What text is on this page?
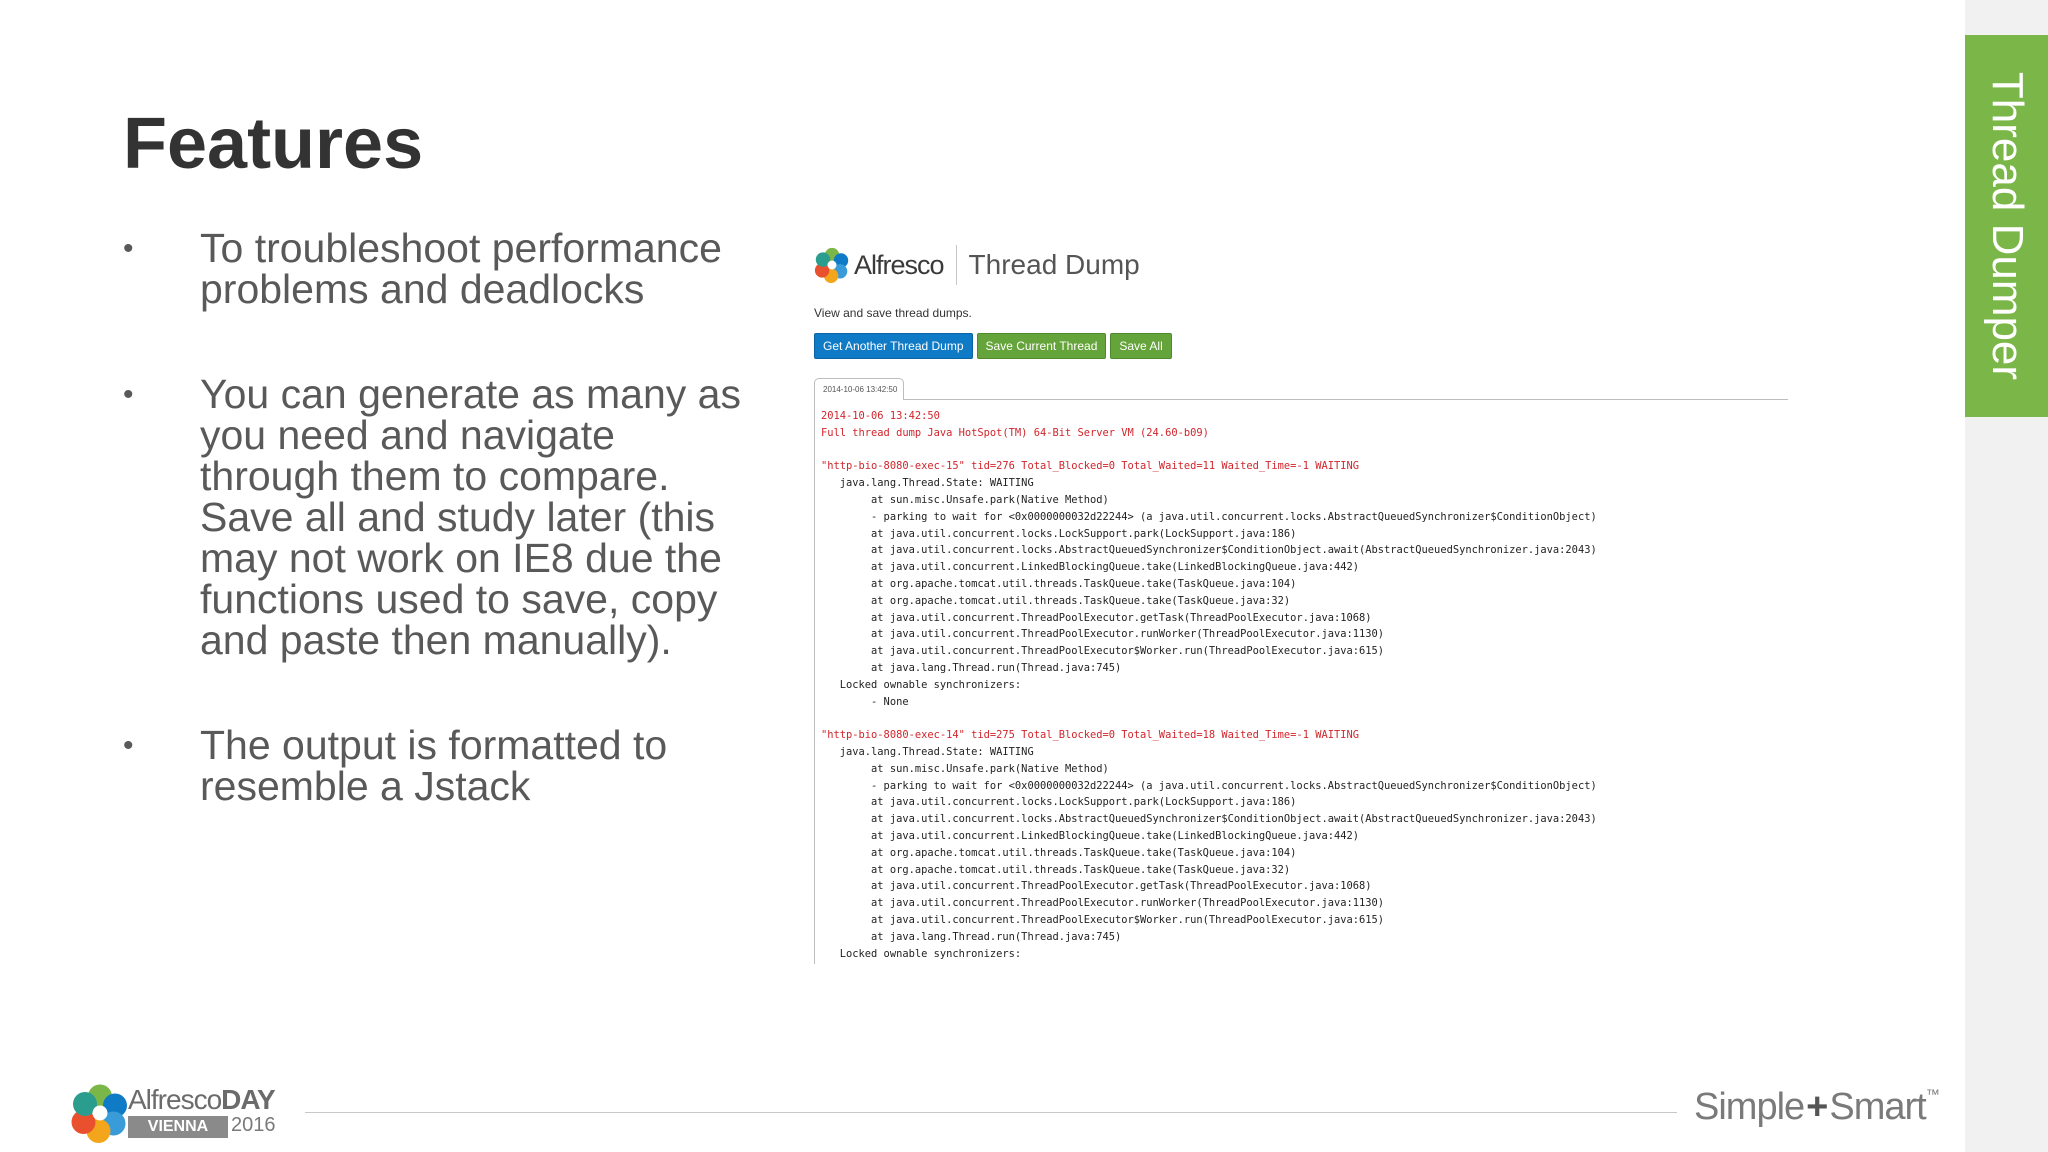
Thread Dumper
Features
• To troubleshoot performance problems and deadlocks
• You can generate as many as you need and navigate through them to compare. Save all and study later (this may not work on IE8 due the functions used to save, copy and paste then manually).
• The output is formatted to resemble a Jstack
Alfresco Thread Dump
View and save thread dumps.
Get Another Thread Dump	Save Current Thread	Save All
2014-10-06 13:42:50
2014-10-06 13:42:50
Full thread dump Java HotSpot(TM) 64-Bit Server VM (24.60-b09)

"http-bio-8080-exec-15" tid=276 Total_Blocked=0 Total_Waited=11 Waited_Time=-1 WAITING
java.lang.Thread.State: WAITING
at sun.misc.Unsafe.park(Native Method)
- parking to wait for <0x0000000032d22244> (a java.util.concurrent.locks.AbstractQueuedSynchronizer$ConditionObject)
at java.util.concurrent.locks.LockSupport.park(LockSupport.java:186)
at java.util.concurrent.locks.AbstractQueuedSynchronizer$ConditionObject.await(AbstractQueuedSynchronizer.java:2043)
at java.util.concurrent.LinkedBlockingQueue.take(LinkedBlockingQueue.java:442)
at org.apache.tomcat.util.threads.TaskQueue.take(TaskQueue.java:104)
at org.apache.tomcat.util.threads.TaskQueue.take(TaskQueue.java:32)
at java.util.concurrent.ThreadPoolExecutor.getTask(ThreadPoolExecutor.java:1068)
at java.util.concurrent.ThreadPoolExecutor.runWorker(ThreadPoolExecutor.java:1130)
at java.util.concurrent.ThreadPoolExecutor$Worker.run(ThreadPoolExecutor.java:615)
at java.lang.Thread.run(Thread.java:745)
Locked ownable synchronizers:
- None

"http-bio-8080-exec-14" tid=275 Total_Blocked=0 Total_Waited=18 Waited_Time=-1 WAITING
java.lang.Thread.State: WAITING
at sun.misc.Unsafe.park(Native Method)
- parking to wait for <0x0000000032d22244> (a java.util.concurrent.locks.AbstractQueuedSynchronizer$ConditionObject)
at java.util.concurrent.locks.LockSupport.park(LockSupport.java:186)
at java.util.concurrent.locks.AbstractQueuedSynchronizer$ConditionObject.await(AbstractQueuedSynchronizer.java:2043)
at java.util.concurrent.LinkedBlockingQueue.take(LinkedBlockingQueue.java:442)
at org.apache.tomcat.util.threads.TaskQueue.take(TaskQueue.java:104)
at org.apache.tomcat.util.threads.TaskQueue.take(TaskQueue.java:32)
at java.util.concurrent.ThreadPoolExecutor.getTask(ThreadPoolExecutor.java:1068)
at java.util.concurrent.ThreadPoolExecutor.runWorker(ThreadPoolExecutor.java:1130)
at java.util.concurrent.ThreadPoolExecutor$Worker.run(ThreadPoolExecutor.java:615)
at java.lang.Thread.run(Thread.java:745)
Locked ownable synchronizers:
AlfrescoDAY
VIENNA	2016	Simple+Smart™
